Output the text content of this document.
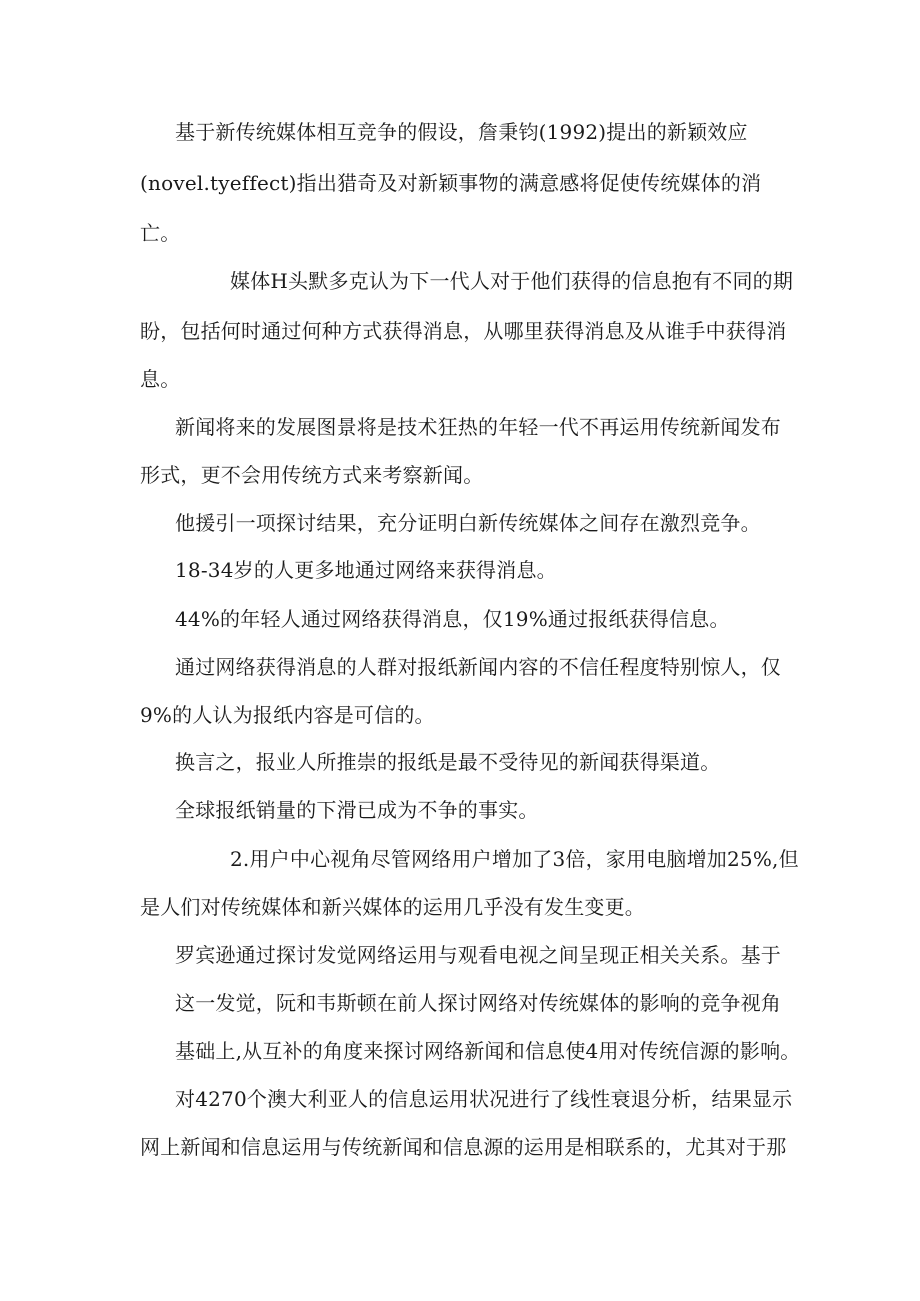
基于新传统媒体相互竞争的假设，詹秉钧(1992)提出的新颖效应
(novel.tyeffect)指出猎奇及对新颖事物的满意感将促使传统媒体的消
亡。
媒体H头默多克认为下一代人对于他们获得的信息抱有不同的期
盼，包括何时通过何种方式获得消息，从哪里获得消息及从谁手中获得消
息。
新闻将来的发展图景将是技术狂热的年轻一代不再运用传统新闻发布
形式，更不会用传统方式来考察新闻。
他援引一项探讨结果，充分证明白新传统媒体之间存在激烈竞争。
18-34岁的人更多地通过网络来获得消息。
44%的年轻人通过网络获得消息，仅19%通过报纸获得信息。
通过网络获得消息的人群对报纸新闻内容的不信任程度特别惊人，仅
9%的人认为报纸内容是可信的。
换言之，报业人所推崇的报纸是最不受待见的新闻获得渠道。
全球报纸销量的下滑已成为不争的事实。
2.用户中心视角尽管网络用户增加了3倍，家用电脑增加25%,但
是人们对传统媒体和新兴媒体的运用几乎没有发生变更。
罗宾逊通过探讨发觉网络运用与观看电视之间呈现正相关关系。基于
这一发觉，阮和韦斯顿在前人探讨网络对传统媒体的影响的竞争视角
基础上,从互补的角度来探讨网络新闻和信息使4用对传统信源的影响。
对4270个澳大利亚人的信息运用状况进行了线性衰退分析，结果显示
网上新闻和信息运用与传统新闻和信息源的运用是相联系的，尤其对于那
